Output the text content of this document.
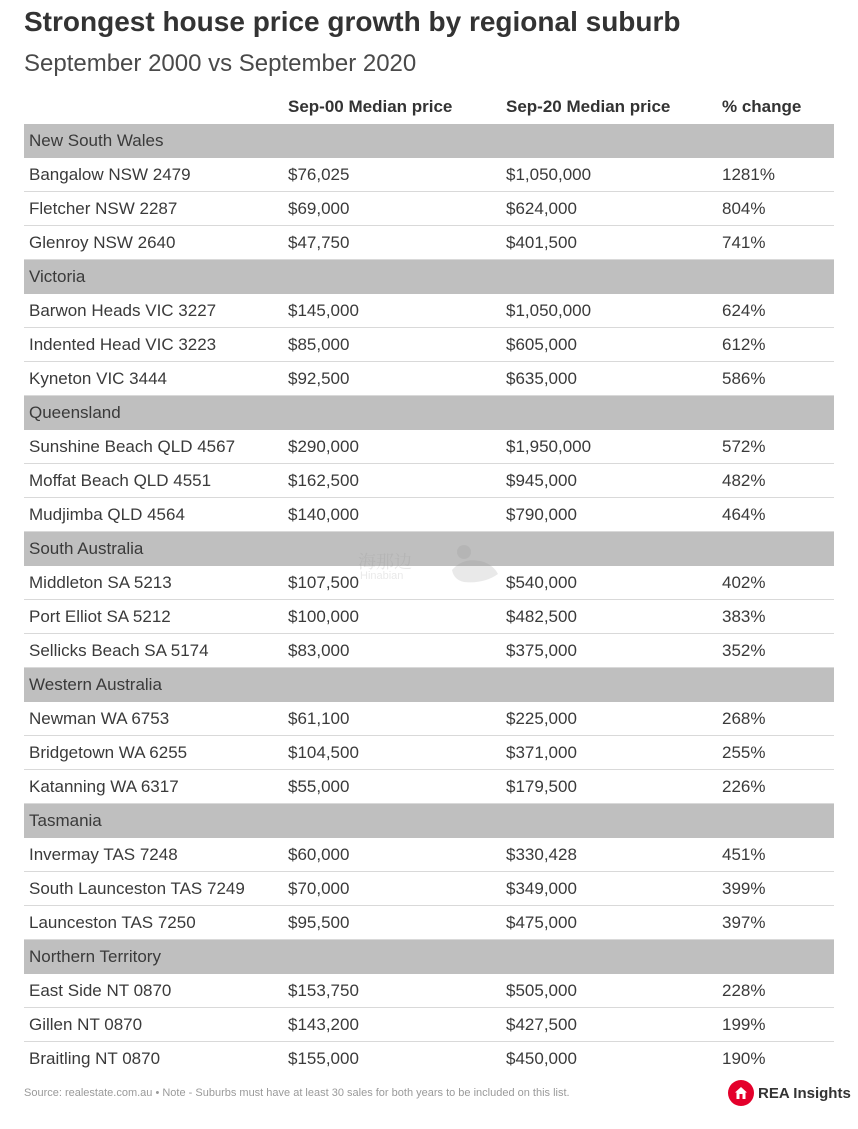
Strongest house price growth by regional suburb
September 2000 vs September 2020
	Sep-00 Median price	Sep-20 Median price	% change
New South Wales			
Bangalow NSW 2479	$76,025	$1,050,000	1281%
Fletcher NSW 2287	$69,000	$624,000	804%
Glenroy NSW 2640	$47,750	$401,500	741%
Victoria			
Barwon Heads VIC 3227	$145,000	$1,050,000	624%
Indented Head VIC 3223	$85,000	$605,000	612%
Kyneton VIC 3444	$92,500	$635,000	586%
Queensland			
Sunshine Beach QLD 4567	$290,000	$1,950,000	572%
Moffat Beach QLD 4551	$162,500	$945,000	482%
Mudjimba QLD 4564	$140,000	$790,000	464%
South Australia			
Middleton SA 5213	$107,500	$540,000	402%
Port Elliot SA 5212	$100,000	$482,500	383%
Sellicks Beach SA 5174	$83,000	$375,000	352%
Western Australia			
Newman WA 6753	$61,100	$225,000	268%
Bridgetown WA 6255	$104,500	$371,000	255%
Katanning WA 6317	$55,000	$179,500	226%
Tasmania			
Invermay TAS 7248	$60,000	$330,428	451%
South Launceston TAS 7249	$70,000	$349,000	399%
Launceston TAS 7250	$95,500	$475,000	397%
Northern Territory			
East Side NT 0870	$153,750	$505,000	228%
Gillen NT 0870	$143,200	$427,500	199%
Braitling NT 0870	$155,000	$450,000	190%
Hinabian
Source: realestate.com.au • Note - Suburbs must have at least 30 sales for both years to be included on this list.	REA Insights
